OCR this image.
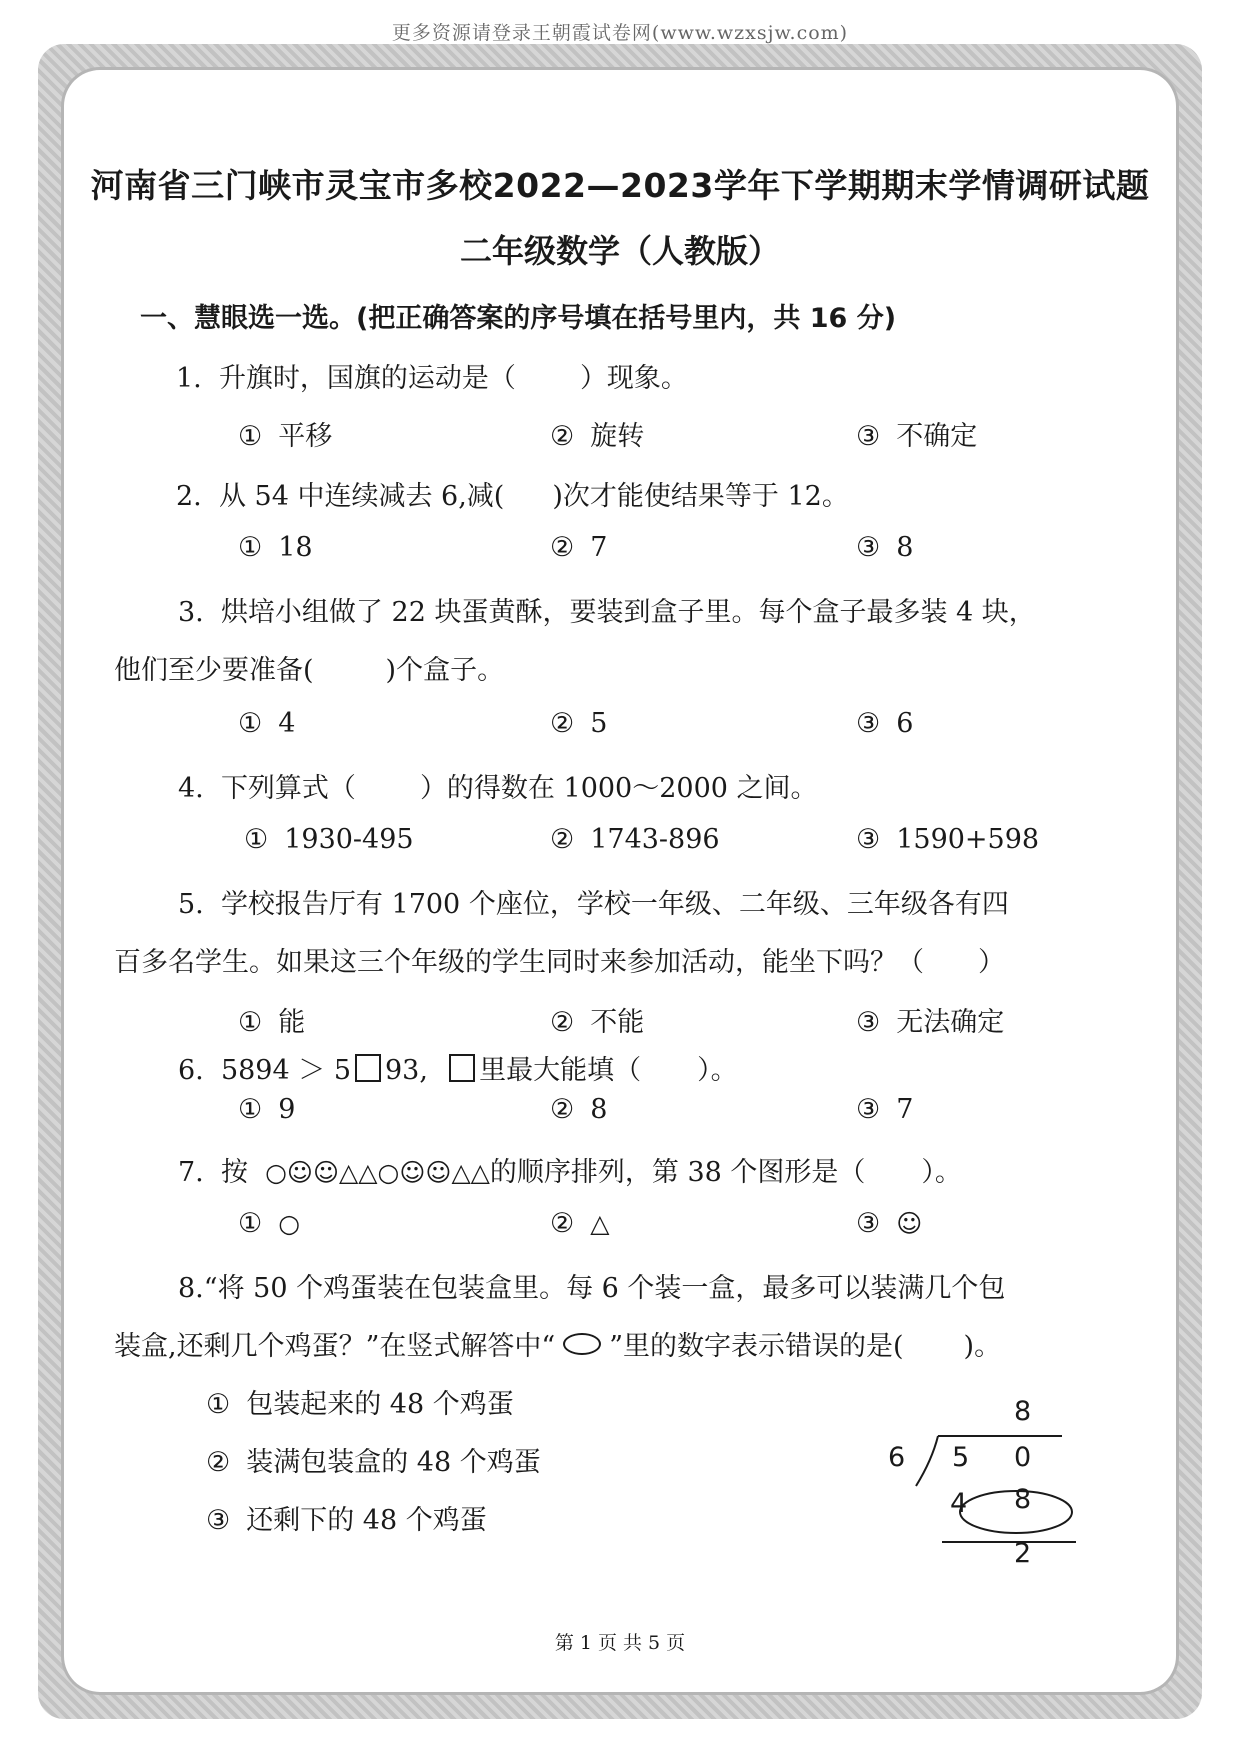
更多资源请登录王朝霞试卷网(www.wzxsjw.com)
河南省三门峡市灵宝市多校2022—2023学年下学期期末学情调研试题
二年级数学（人教版）
一、慧眼选一选。(把正确答案的序号填在括号里内，共 16 分)
1. 升旗时，国旗的运动是（ ）现象。
① 平移	② 旋转	③ 不确定
2. 从 54 中连续减去 6,减( )次才能使结果等于 12。
① 18	② 7	③ 8
3. 烘培小组做了 22 块蛋黄酥，要装到盒子里。每个盒子最多装 4 块，
他们至少要准备(	)个盒子。
① 4	② 5	③ 6
4. 下列算式（ ）的得数在 1000～2000 之间。
① 1930-495	② 1743-896	③ 1590+598
5. 学校报告厅有 1700 个座位，学校一年级、二年级、三年级各有四
百多名学生。如果这三个年级的学生同时来参加活动，能坐下吗？（　　）
① 能	② 不能	③ 无法确定
6. 5894 ＞ 5 93, 里最大能填（ ）。
① 9	② 8	③ 7
7. 按 ○☺☺△△○☺☺△△的顺序排列，第 38 个图形是（ ）。
① ○	② △	③ ☺
8.“将 50 个鸡蛋装在包装盒里。每 6 个装一盒，最多可以装满几个包
装盒,还剩几个鸡蛋？”在竖式解答中“ ”里的数字表示错误的是( )。
① 包装起来的 48 个鸡蛋
② 装满包装盒的 48 个鸡蛋
③ 还剩下的 48 个鸡蛋
8
6 5 0
4 8
2
第 1 页 共 5 页
